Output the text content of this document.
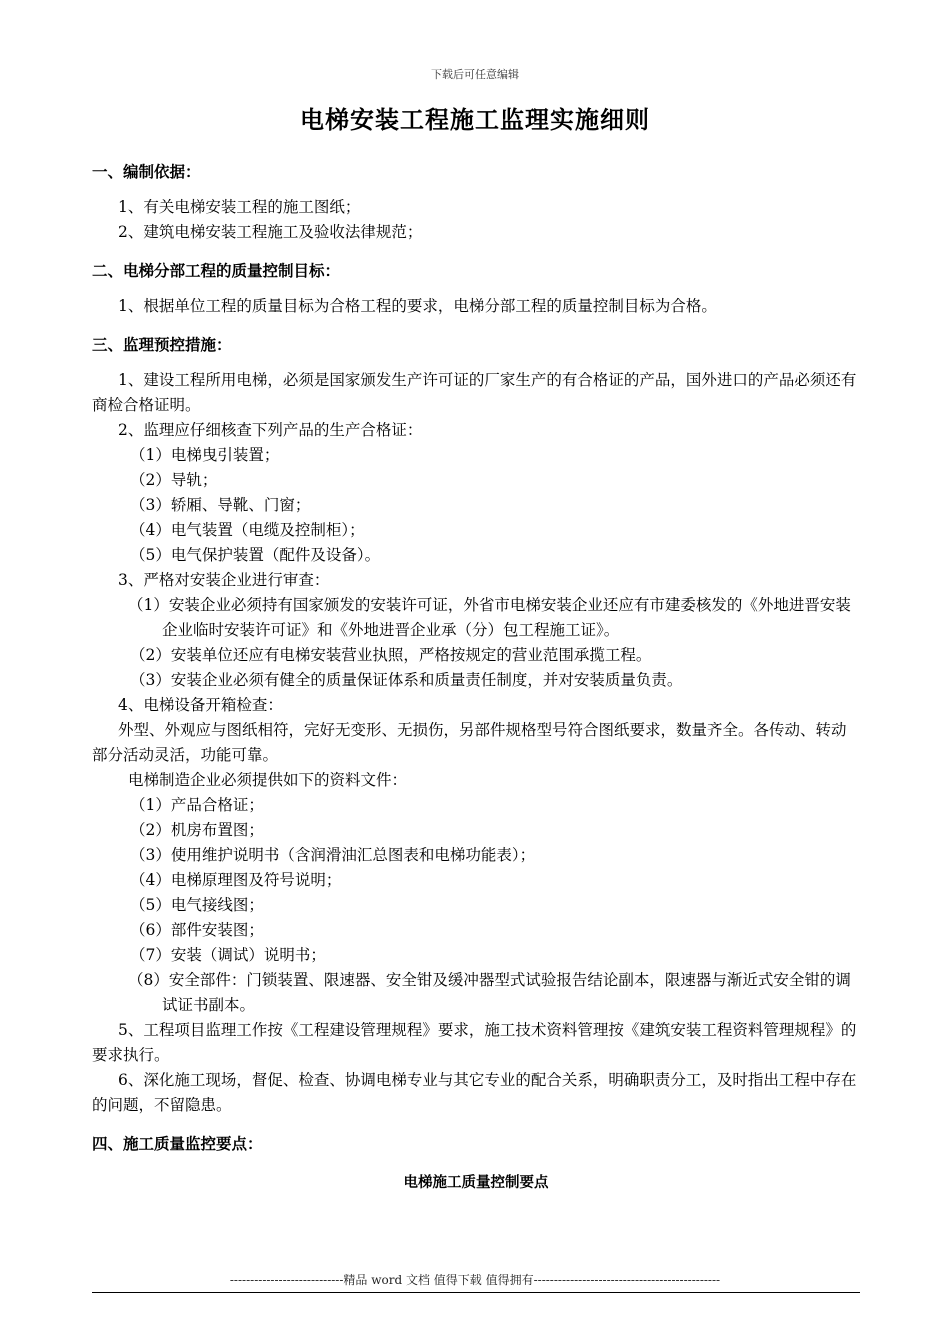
下载后可任意编辑
电梯安装工程施工监理实施细则

一、编制依据：

1、有关电梯安装工程的施工图纸；

2、建筑电梯安装工程施工及验收法律规范；

二、电梯分部工程的质量控制目标：

1、根据单位工程的质量目标为合格工程的要求，电梯分部工程的质量控制目标为合格。

三、监理预控措施：

1、建设工程所用电梯，必须是国家颁发生产许可证的厂家生产的有合格证的产品，国外进口的产品必须还有商检合格证明。

2、监理应仔细核查下列产品的生产合格证：

（1）电梯曳引装置；

（2）导轨；

（3）轿厢、导靴、门窗；

（4）电气装置（电缆及控制柜）；

（5）电气保护装置（配件及设备）。

3、严格对安装企业进行审查：

（1）安装企业必须持有国家颁发的安装许可证，外省市电梯安装企业还应有市建委核发的《外地进晋安装企业临时安装许可证》和《外地进晋企业承（分）包工程施工证》。

（2）安装单位还应有电梯安装营业执照，严格按规定的营业范围承揽工程。

（3）安装企业必须有健全的质量保证体系和质量责任制度，并对安装质量负责。

4、电梯设备开箱检查：

外型、外观应与图纸相符，完好无变形、无损伤，另部件规格型号符合图纸要求，数量齐全。各传动、转动部分活动灵活，功能可靠。

电梯制造企业必须提供如下的资料文件：

（1）产品合格证；

（2）机房布置图；

（3）使用维护说明书（含润滑油汇总图表和电梯功能表）；

（4）电梯原理图及符号说明；

（5）电气接线图；

（6）部件安装图；

（7）安装（调试）说明书；

（8）安全部件：门锁装置、限速器、安全钳及缓冲器型式试验报告结论副本，限速器与渐近式安全钳的调试证书副本。

5、工程项目监理工作按《工程建设管理规程》要求，施工技术资料管理按《建筑安装工程资料管理规程》的要求执行。

6、深化施工现场，督促、检查、协调电梯专业与其它专业的配合关系，明确职责分工，及时指出工程中存在的问题，不留隐患。

四、施工质量监控要点：

电梯施工质量控制要点

----------------------------精品 word 文档 值得下载 值得拥有----------------------------------------------
